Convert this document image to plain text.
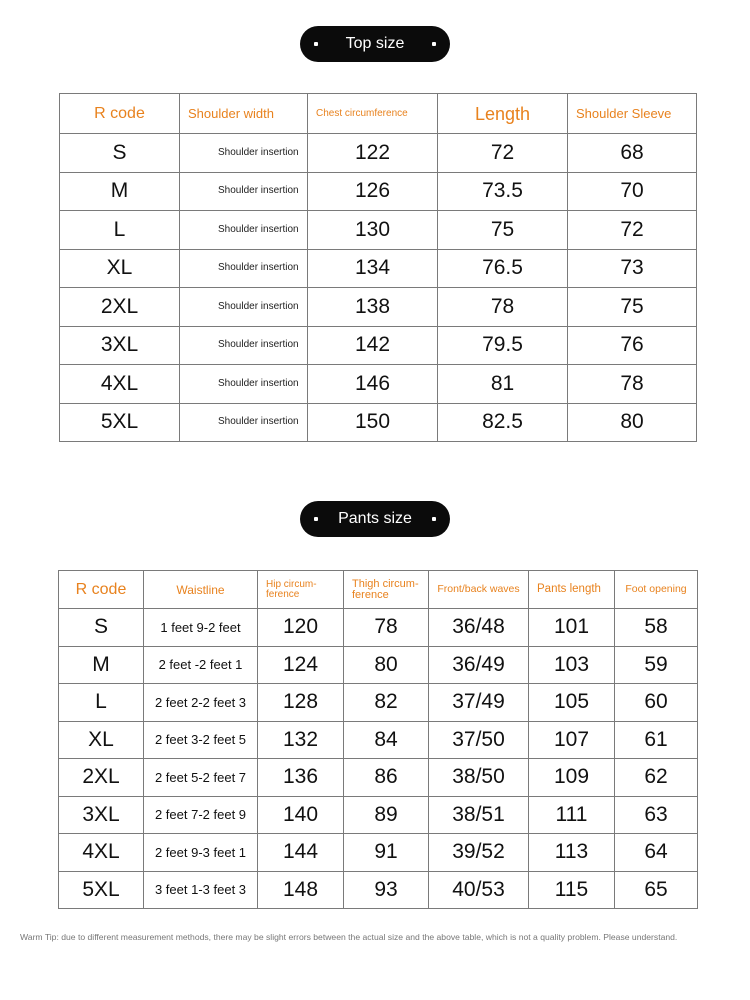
Top size
R code	Shoulder width	Chest circumference	Length	Shoulder Sleeve
S	Shoulder insertion	122	72	68
M	Shoulder insertion	126	73.5	70
L	Shoulder insertion	130	75	72
XL	Shoulder insertion	134	76.5	73
2XL	Shoulder insertion	138	78	75
3XL	Shoulder insertion	142	79.5	76
4XL	Shoulder insertion	146	81	78
5XL	Shoulder insertion	150	82.5	80
Pants size
R code	Waistline	Hip circum-ference	Thigh circum-ference	Front/back waves	Pants length	Foot opening
S	1 feet 9-2 feet	120	78	36/48	101	58
M	2 feet -2 feet 1	124	80	36/49	103	59
L	2 feet 2-2 feet 3	128	82	37/49	105	60
XL	2 feet 3-2 feet 5	132	84	37/50	107	61
2XL	2 feet 5-2 feet 7	136	86	38/50	109	62
3XL	2 feet 7-2 feet 9	140	89	38/51	111	63
4XL	2 feet 9-3 feet 1	144	91	39/52	113	64
5XL	3 feet 1-3 feet 3	148	93	40/53	115	65
Warm Tip: due to different measurement methods, there may be slight errors between the actual size and the above table, which is not a quality problem. Please understand.
